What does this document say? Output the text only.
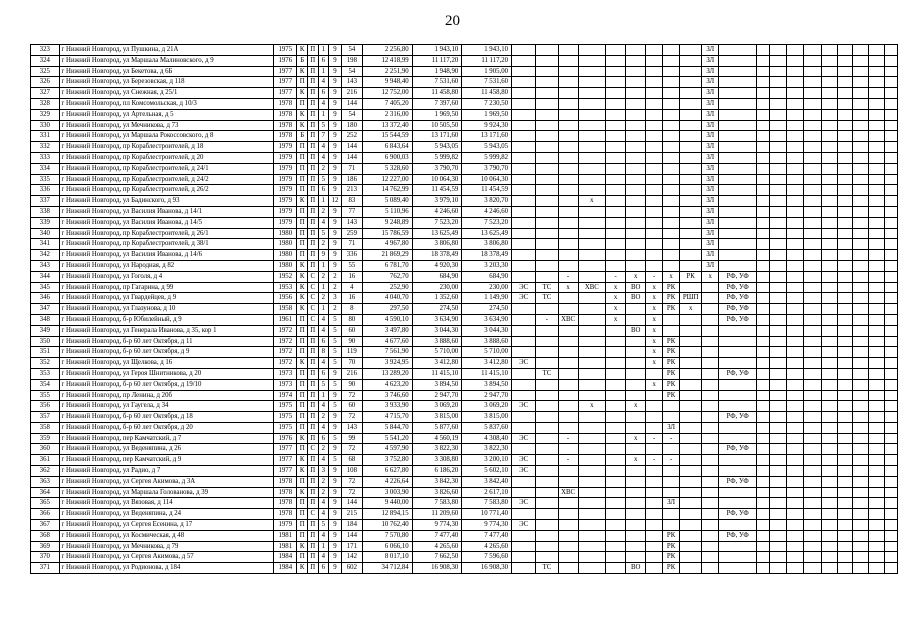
20
323	г Нижний Новгород, ул Пушкина, д 21А	1975	К	П	1	9	54	2 256,80	1 943,10	1 943,10										ЗЛ										
324	г Нижний Новгород, ул Маршала Малиновского, д 9	1976	Б	П	6	9	198	12 418,99	11 117,20	11 117,20										ЗЛ										
325	г Нижний Новгород, ул Бекетова, д 6Б	1977	К	П	1	9	54	2 251,90	1 948,90	1 905,00										ЗЛ										
326	г Нижний Новгород, ул Березовская, д 118	1977	П	П	4	9	143	9 948,40	7 531,60	7 531,60										ЗЛ										
327	г Нижний Новгород, ул Снежная, д 25/1	1977	К	П	6	9	216	12 752,00	11 458,80	11 458,80										ЗЛ										
328	г Нижний Новгород, пл Комсомольская, д 10/3	1978	П	П	4	9	144	7 405,20	7 397,60	7 230,50										ЗЛ										
329	г Нижний Новгород, ул Артельная, д 5	1978	К	П	1	9	54	2 316,00	1 969,50	1 969,50										ЗЛ										
330	г Нижний Новгород, ул Мечникова, д 73	1978	К	П	5	9	180	13 372,40	10 505,50	9 924,30										ЗЛ										
331	г Нижний Новгород, ул Маршала Рокоссовского, д 8	1978	Б	П	7	9	252	15 544,59	13 171,60	13 171,60										ЗЛ										
332	г Нижний Новгород, пр Кораблестроителей, д 18	1979	П	П	4	9	144	6 843,64	5 943,05	5 943,05										ЗЛ										
333	г Нижний Новгород, пр Кораблестроителей, д 20	1979	П	П	4	9	144	6 900,03	5 999,82	5 999,82										ЗЛ										
334	г Нижний Новгород, пр Кораблестроителей, д 24/1	1979	П	П	2	9	71	5 328,60	3 790,70	3 790,70										ЗЛ										
335	г Нижний Новгород, пр Кораблестроителей, д 24/2	1979	П	П	5	9	186	12 227,00	10 064,30	10 064,30										ЗЛ										
336	г Нижний Новгород, пр Кораблестроителей, д 26/2	1979	П	П	6	9	213	14 762,99	11 454,59	11 454,59										ЗЛ										
337	г Нижний Новгород, ул Бадинского, д 93	1979	К	П	1	12	83	5 089,40	3 979,10	3 820,70				x						ЗЛ										
338	г Нижний Новгород, ул Василия Иванова, д 14/1	1979	П	П	2	9	77	5 110,96	4 246,60	4 246,60										ЗЛ										
339	г Нижний Новгород, ул Василия Иванова, д 14/5	1979	П	П	4	9	143	9 248,89	7 523,20	7 523,20										ЗЛ										
340	г Нижний Новгород, пр Кораблестроителей, д 26/1	1980	П	П	5	9	259	15 786,59	13 625,49	13 625,49										ЗЛ										
341	г Нижний Новгород, пр Кораблестроителей, д 38/1	1980	П	П	2	9	71	4 967,80	3 806,80	3 806,80										ЗЛ										
342	г Нижний Новгород, ул Василия Иванова, д 14/6	1980	П	П	9	9	336	21 869,29	18 378,49	18 378,49										ЗЛ										
343	г Нижний Новгород, ул Народная, д 82	1980	К	П	1	9	55	6 781,70	4 920,30	3 203,30										ЗЛ										
344	г Нижний Новгород, ул Гоголя, д 4	1952	К	С	2	2	16	762,70	684,90	684,90			-		-	x	-	x	РК	x	РФ, УФ									
345	г Нижний Новгород, пр Гагарина, д 99	1953	К	С	1	2	4	252,90	230,00	230,00	ЭС	ТС	x	ХВС	x	ВО	x	РК			РФ, УФ									
346	г Нижний Новгород, ул Гвардейцев, д 9	1956	К	С	2	3	16	4 040,70	1 352,60	1 149,90	ЭС	ТС			x	ВО	x	РК	РШП		РФ, УФ									
347	г Нижний Новгород, ул Глазунова, д 10	1958	К	С	1	2	8	297,50	274,50	274,50					x		x	РК	x		РФ, УФ									
348	г Нижний Новгород, б-р Юбилейный, д 9	1961	П	С	4	5	80	4 590,10	3 634,90	3 634,90		-	ХВС		x		x				РФ, УФ									
349	г Нижний Новгород, ул Генерала Иванова, д 35, кор 1	1972	П	П	4	5	60	3 497,80	3 044,30	3 044,30						ВО	x													
350	г Нижний Новгород, б-р 60 лет Октября, д 11	1972	П	П	6	5	90	4 677,60	3 888,60	3 888,60							x	РК												
351	г Нижний Новгород, б-р 60 лет Октября, д 9	1972	П	П	8	5	119	7 561,90	5 710,00	5 710,00							x	РК												
352	г Нижний Новгород, ул Щелкова, д 16	1972	К	П	4	5	70	3 924,95	3 412,80	3 412,80	ЭС						x	РК												
353	г Нижний Новгород, ул Героя Шнитникова, д 20	1973	П	П	6	9	216	13 289,20	11 415,10	11 415,10		ТС						РК			РФ, УФ									
354	г Нижний Новгород, б-р 60 лет Октября, д 19/10	1973	П	П	5	5	90	4 623,20	3 894,50	3 894,50							x	РК												
355	г Нижний Новгород, пр Ленина, д 20б	1974	П	П	1	9	72	3 746,60	2 947,70	2 947,70								РК												
356	г Нижний Новгород, ул Гаугела, д 34	1975	П	П	4	5	60	3 933,90	3 069,20	3 069,20	ЭС			x		x														
357	г Нижний Новгород, б-р 60 лет Октября, д 18	1975	П	П	2	9	72	4 715,70	3 815,00	3 815,00											РФ, УФ									
358	г Нижний Новгород, б-р 60 лет Октября, д 20	1975	П	П	4	9	143	5 844,70	5 877,60	5 837,60								ЗЛ												
359	г Нижний Новгород, пер Камчатский, д 7	1976	К	П	6	5	99	5 541,20	4 560,19	4 308,40	ЭС		-			x	-	-												
360	г Нижний Новгород, ул Веденяпина, д 26	1977	П	С	2	9	72	4 597,90	3 822,30	3 822,30											РФ, УФ									
361	г Нижний Новгород, пер Камчатский, д 9	1977	К	П	4	5	68	3 752,80	3 308,80	3 200,10	ЭС		-			x	-	-												
362	г Нижний Новгород, ул Радио, д 7	1977	К	П	3	9	108	6 627,80	6 186,20	5 602,10	ЭС																			
363	г Нижний Новгород, ул Сергея Акимова, д 3А	1978	П	П	2	9	72	4 226,64	3 842,30	3 842,40											РФ, УФ									
364	г Нижний Новгород, ул Маршала Голованова, д 39	1978	К	П	2	9	72	3 003,90	3 826,60	2 617,10			ХВС																	
365	г Нижний Новгород, ул Вязовая, д 114	1978	П	П	4	9	144	9 440,00	7 583,80	7 583,80	ЭС							ЗЛ												
366	г Нижний Новгород, ул Веденяпина, д 24	1978	П	С	4	9	215	12 894,15	11 209,60	10 771,40											РФ, УФ									
367	г Нижний Новгород, ул Сергея Есенина, д 17	1979	П	П	5	9	184	10 762,40	9 774,30	9 774,30	ЭС																			
368	г Нижний Новгород, ул Космическая, д 48	1981	П	П	4	9	144	7 570,80	7 477,40	7 477,40								РК			РФ, УФ									
369	г Нижний Новгород, ул Мечникова, д 79	1981	К	П	1	9	171	6 066,10	4 265,60	4 265,60								РК												
370	г Нижний Новгород, ул Сергея Акимова, д 57	1984	П	П	4	9	142	8 017,10	7 662,50	7 596,60								РК												
371	г Нижний Новгород, ул Родионова, д 184	1984	К	П	6	9	602	34 712,84	16 908,30	16 908,30		ТС				ВО		РК												
